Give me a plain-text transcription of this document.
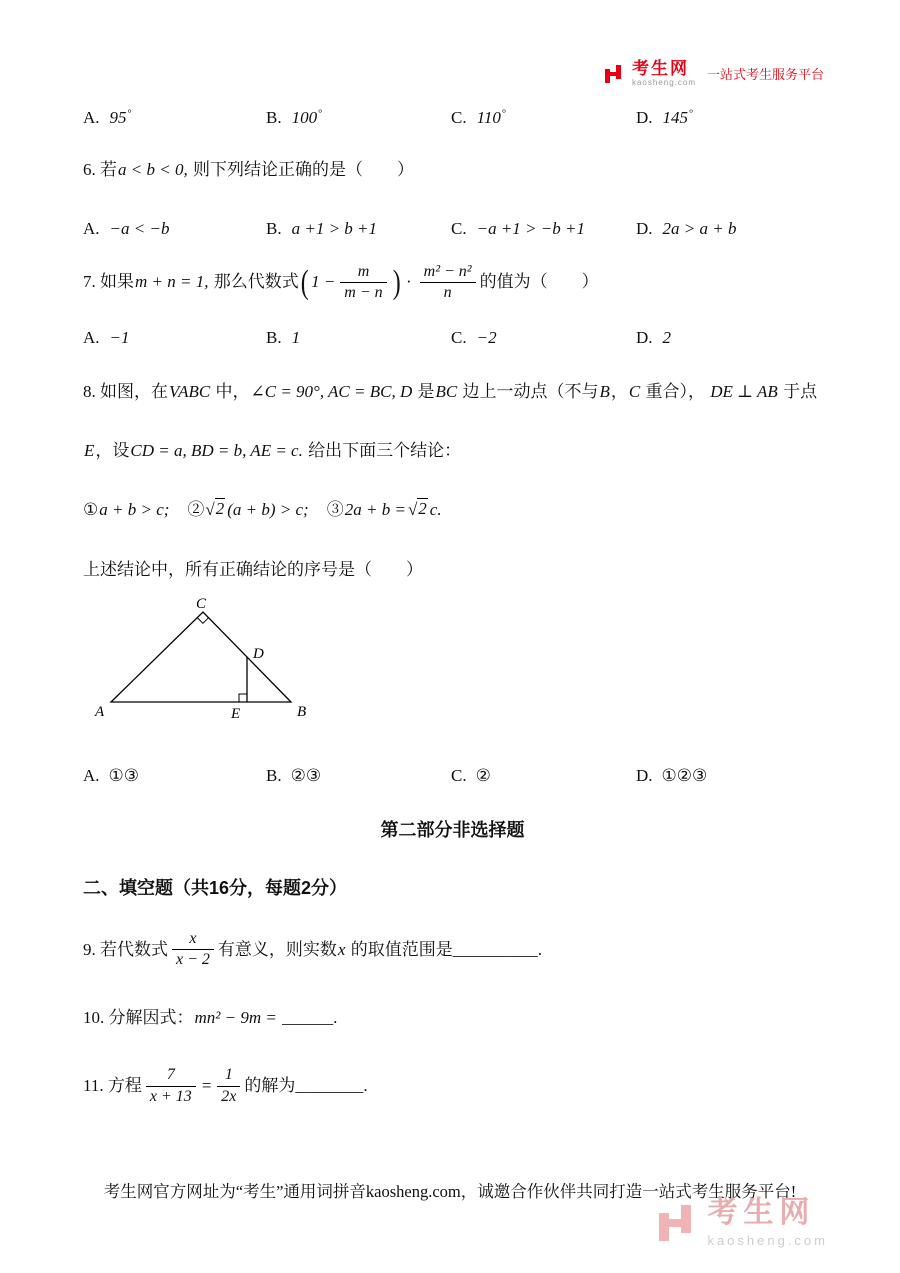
考生网
kaosheng.com
一站式考生服务平台
A. 95°	B. 100°	C. 110°	D. 145°

6. 若a < b < 0, 则下列结论正确的是（　　）

A. −a < −b	B. a +1 > b +1	C. −a +1 > −b +1	D. 2a > a + b
7. 如果m + n = 1, 那么代数式 ( $1 - \frac{m}{m - n}$ ) · $\frac{\text{m² − n²}}{n}$ 的值为（　　）
A. −1	B. 1	C. −2	D. 2

8. 如图，在VABC 中，∠C = 90°, AC = BC, D 是BC 边上一动点（不与B，C 重合）， DE ⊥ AB 于点

E，设CD = a, BD = b, AE = c. 给出下面三个结论：

①a + b > c;　② √ 2 (a + b) > c;　③2a + b = √ 2 c.

上述结论中，所有正确结论的序号是（　　）

A	B
C
D
E
A. ①③	B. ②③	C. ②	D. ①②③
第二部分非选择题
二、填空题（共16分，每题2分）
9. 若代数式 $\frac{x}{x - 2}$ 有意义，则实数x 的取值范围是__________.

10. 分解因式：mn² − 9m = ______.

11. 方程 $\frac{7}{x + 13} = \frac{1}{2x}$ 的解为________.
考生网官方网址为“考生”通用词拼音kaosheng.com，诚邀合作伙伴共同打造一站式考生服务平台!
考生网
kaosheng.com
